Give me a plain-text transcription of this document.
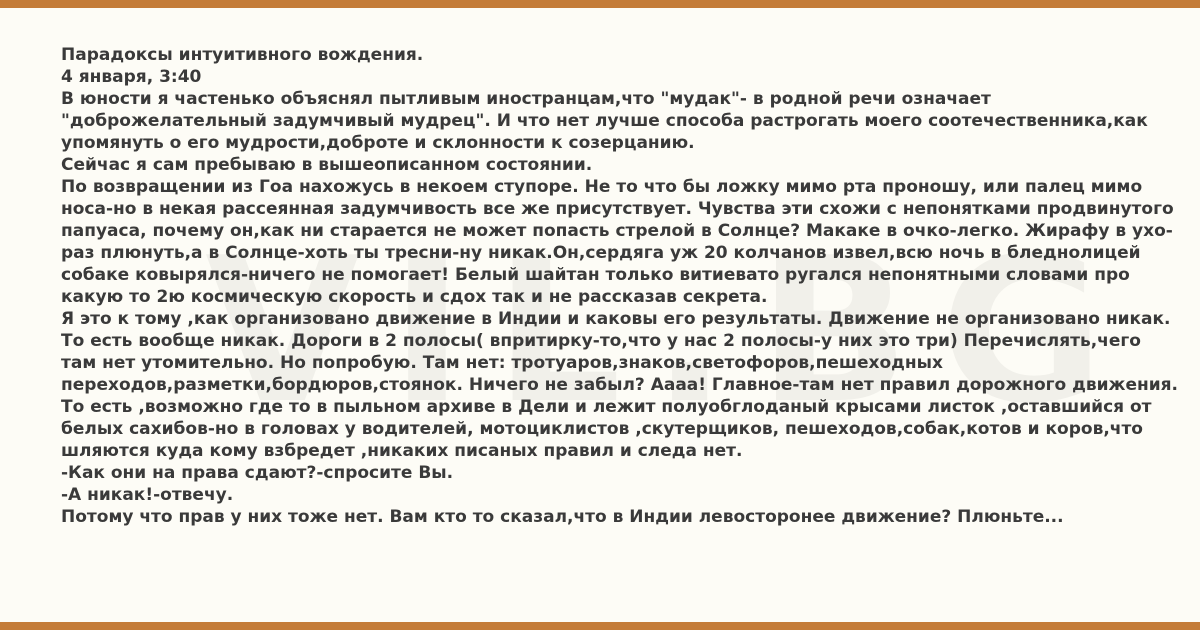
Парадоксы интуитивного вождения.

4 января, 3:40

В юности я частенько объяснял пытливым иностранцам,что "мудак"- в родной речи означает "доброжелательный задумчивый мудрец". И что нет лучше способа растрогать моего соотечественника,как упомянуть о его мудрости,доброте и склонности к созерцанию.

Сейчас я сам пребываю в вышеописанном состоянии.

По возвращении из Гоа нахожусь в некоем ступоре. Не то что бы ложку мимо рта проношу, или палец мимо носа-но в некая рассеянная задумчивость все же присутствует. Чувства эти схожи с непонятками продвинутого папуаса, почему он,как ни старается не может попасть стрелой в Солнце? Макаке в очко-легко. Жирафу в ухо-раз плюнуть,а в Солнце-хоть ты тресни-ну никак.Он,сердяга уж 20 колчанов извел,всю ночь в бледнолицей собаке ковырялся-ничего не помогает! Белый шайтан только витиевато ругался непонятными словами про какую то 2ю космическую скорость и сдох так и не рассказав секрета.

Я это к тому ,как организовано движение в Индии и каковы его результаты. Движение не организовано никак. То есть вообще никак. Дороги в 2 полосы( впритирку-то,что у нас 2 полосы-у них это три) Перечислять,чего там нет утомительно. Но попробую. Там нет: тротуаров,знаков,светофоров,пешеходных переходов,разметки,бордюров,стоянок. Ничего не забыл? Аааа! Главное-там нет правил дорожного движения. То есть ,возможно где то в пыльном архиве в Дели и лежит полуобглоданый крысами листок ,оставшийся от белых сахибов-но в головах у водителей, мотоциклистов ,скутерщиков, пешеходов,собак,котов и коров,что шляются куда кому взбредет ,никаких писаных правил и следа нет.

-Как они на права сдают?-спросите Вы.

-А никак!-отвечу.

Потому что прав у них тоже нет. Вам кто то сказал,что в Индии левосторонее движение? Плюньте...
